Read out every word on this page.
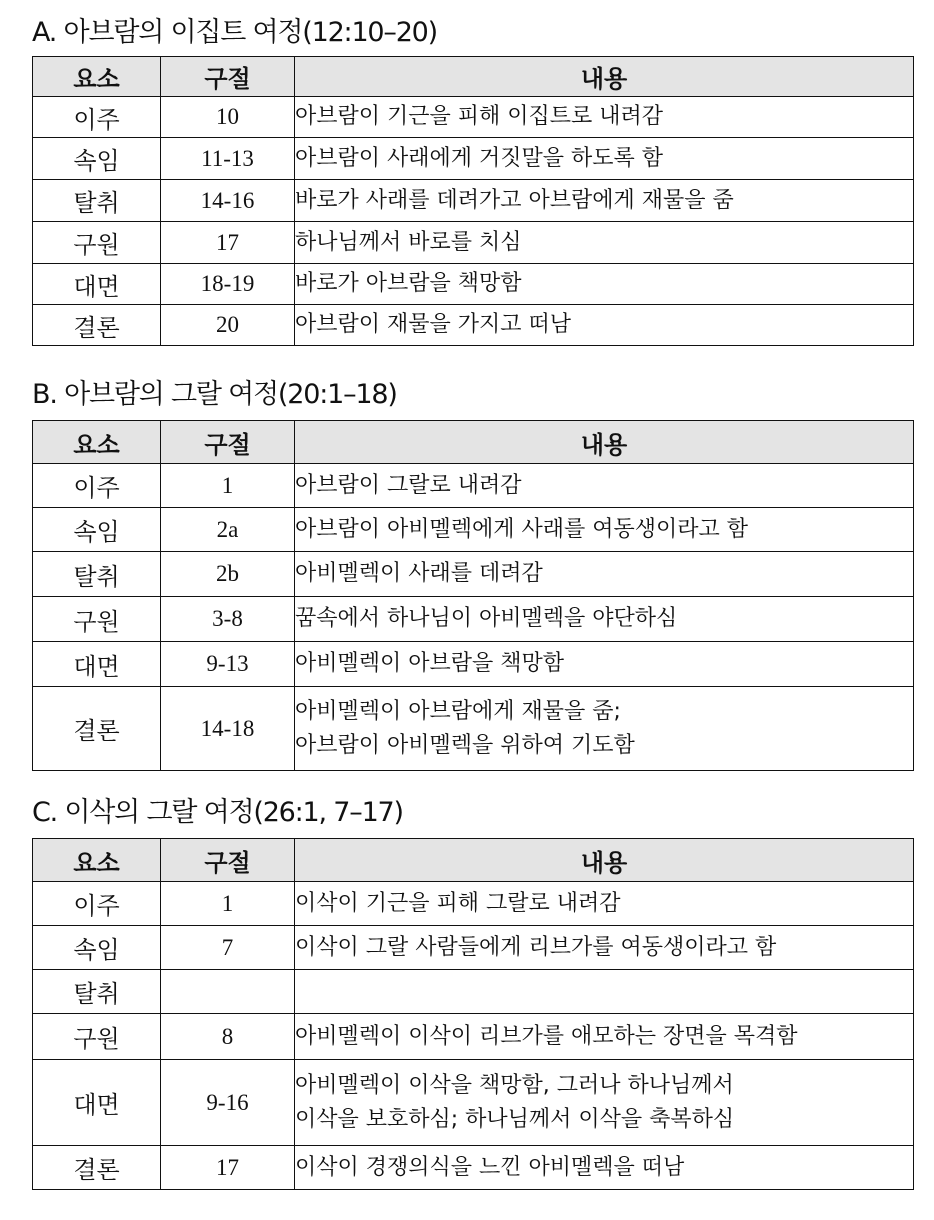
A. 아브람의 이집트 여정(12:10–20)
요소	구절	내용
이주	10	아브람이 기근을 피해 이집트로 내려감

속임	11-13	아브람이 사래에게 거짓말을 하도록 함

탈취	14-16	바로가 사래를 데려가고 아브람에게 재물을 줌

구원	17	하나님께서 바로를 치심

대면	18-19	바로가 아브람을 책망함

결론	20	아브람이 재물을 가지고 떠남
B. 아브람의 그랄 여정(20:1–18)
요소	구절	내용
이주	1	아브람이 그랄로 내려감

속임	2a	아브람이 아비멜렉에게 사래를 여동생이라고 함

탈취	2b	아비멜렉이 사래를 데려감

구원	3-8	꿈속에서 하나님이 아비멜렉을 야단하심

대면	9-13	아비멜렉이 아브람을 책망함

결론	14-18	아비멜렉이 아브람에게 재물을 줌;
아브람이 아비멜렉을 위하여 기도함
C. 이삭의 그랄 여정(26:1, 7–17)
요소	구절	내용
이주	1	이삭이 기근을 피해 그랄로 내려감

속임	7	이삭이 그랄 사람들에게 리브가를 여동생이라고 함

탈취		

구원	8	아비멜렉이 이삭이 리브가를 애모하는 장면을 목격함

대면	9-16	아비멜렉이 이삭을 책망함, 그러나 하나님께서
이삭을 보호하심; 하나님께서 이삭을 축복하심

결론	17	이삭이 경쟁의식을 느낀 아비멜렉을 떠남
